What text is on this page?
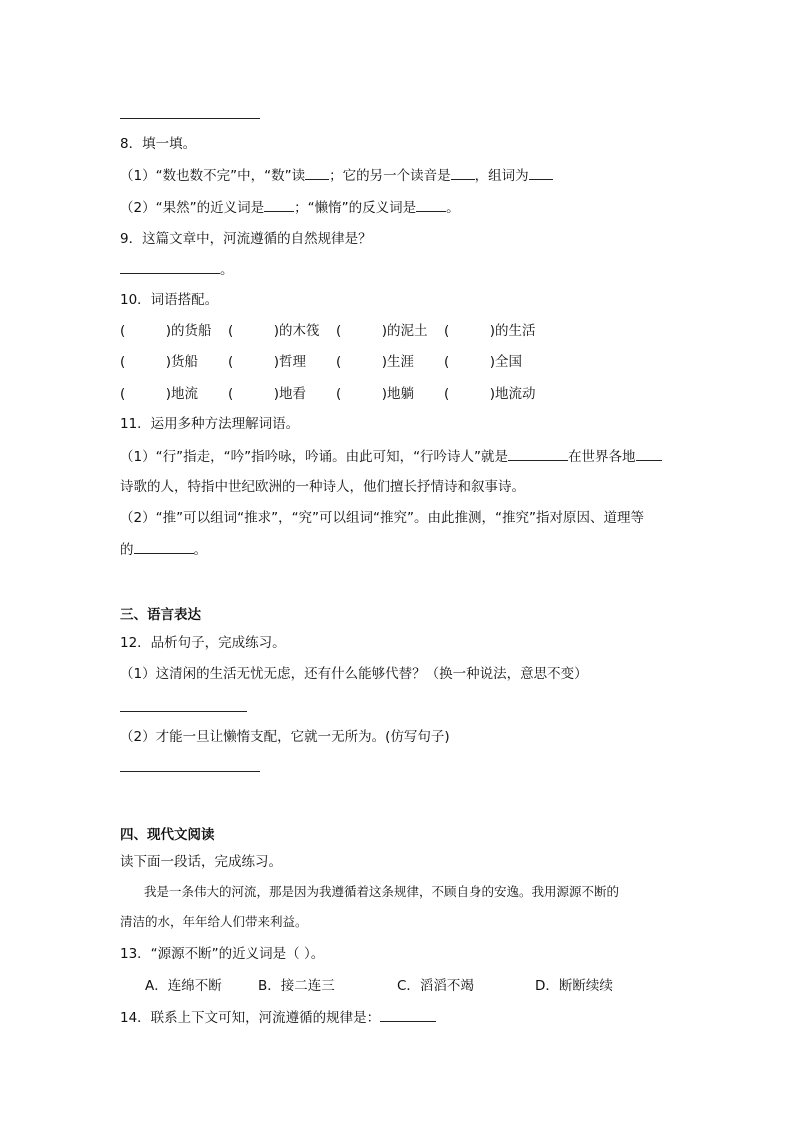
8．填一填。
（1）“数也数不完”中，“数”读 ；它的另一个读音是 ，组词为
（2）“果然”的近义词是 ；“懒惰”的反义词是 。
9．这篇文章中，河流遵循的自然规律是？
。
10．词语搭配。
(　　　)的货船 (　　　)的木筏 (　　　)的泥土 (　　　)的生活
(　　　)货船 (　　　)哲理 (　　　)生涯 (　　　)全国
(　　　)地流 (　　　)地看 (　　　)地躺 (　　　)地流动
11．运用多种方法理解词语。
（1）“行”指走，“吟”指吟咏，吟诵。由此可知，“行吟诗人”就是	在世界各地
诗歌的人，特指中世纪欧洲的一种诗人，他们擅长抒情诗和叙事诗。
（2）“推”可以组词“推求”，“究”可以组词“推究”。由此推测，“推究”指对原因、道理等
的	。
三、语言表达
12．品析句子，完成练习。
（1）这清闲的生活无忧无虑，还有什么能够代替？（换一种说法，意思不变）
（2）才能一旦让懒惰支配，它就一无所为。(仿写句子)
四、现代文阅读
读下面一段话，完成练习。
我是一条伟大的河流，那是因为我遵循着这条规律，不顾自身的安逸。我用源源不断的
清洁的水，年年给人们带来利益。
13．“源源不断”的近义词是（ ）。
A．连绵不断	B．接二连三	C．滔滔不竭	D．断断续续
14．联系上下文可知，河流遵循的规律是：
